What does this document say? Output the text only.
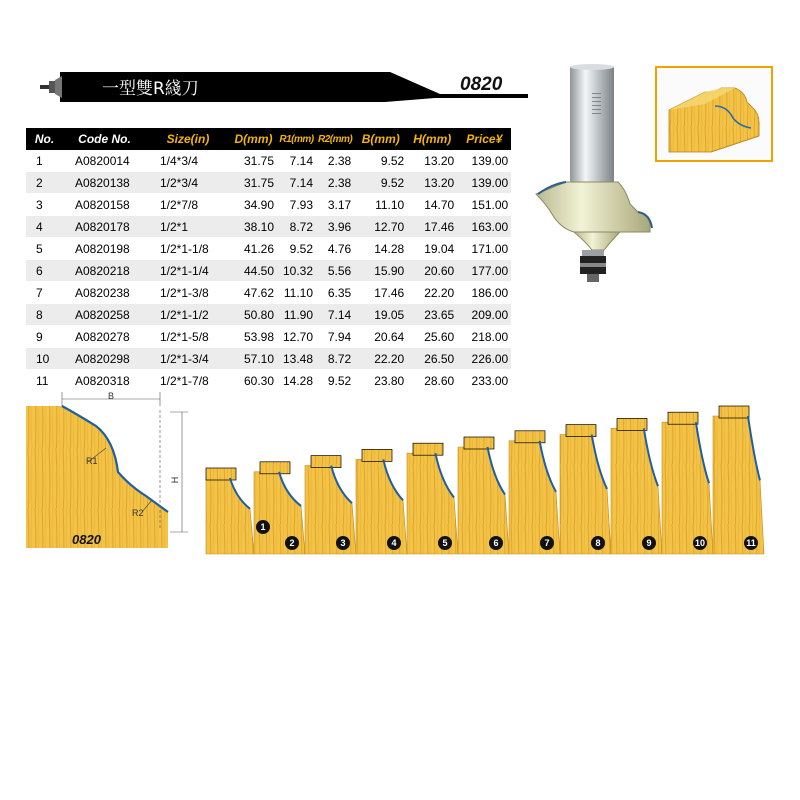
一型雙R綫刀	0820
No.	Code No.	Size(in)	D(mm)	R1(mm)	R2(mm)	B(mm)	H(mm)	Price¥
1	A0820014	1/4*3/4	31.75	7.14	2.38	9.52	13.20	139.00
2	A0820138	1/2*3/4	31.75	7.14	2.38	9.52	13.20	139.00
3	A0820158	1/2*7/8	34.90	7.93	3.17	11.10	14.70	151.00
4	A0820178	1/2*1	38.10	8.72	3.96	12.70	17.46	163.00
5	A0820198	1/2*1-1/8	41.26	9.52	4.76	14.28	19.04	171.00
6	A0820218	1/2*1-1/4	44.50	10.32	5.56	15.90	20.60	177.00
7	A0820238	1/2*1-3/8	47.62	11.10	6.35	17.46	22.20	186.00
8	A0820258	1/2*1-1/2	50.80	11.90	7.14	19.05	23.65	209.00
9	A0820278	1/2*1-5/8	53.98	12.70	7.94	20.64	25.60	218.00
10	A0820298	1/2*1-3/4	57.10	13.48	8.72	22.20	26.50	226.00
11	A0820318	1/2*1-7/8	60.30	14.28	9.52	23.80	28.60	233.00
||||||
B
H
R1
R2
0820
1
2	3	4	5	6	7	8	9	10	11
